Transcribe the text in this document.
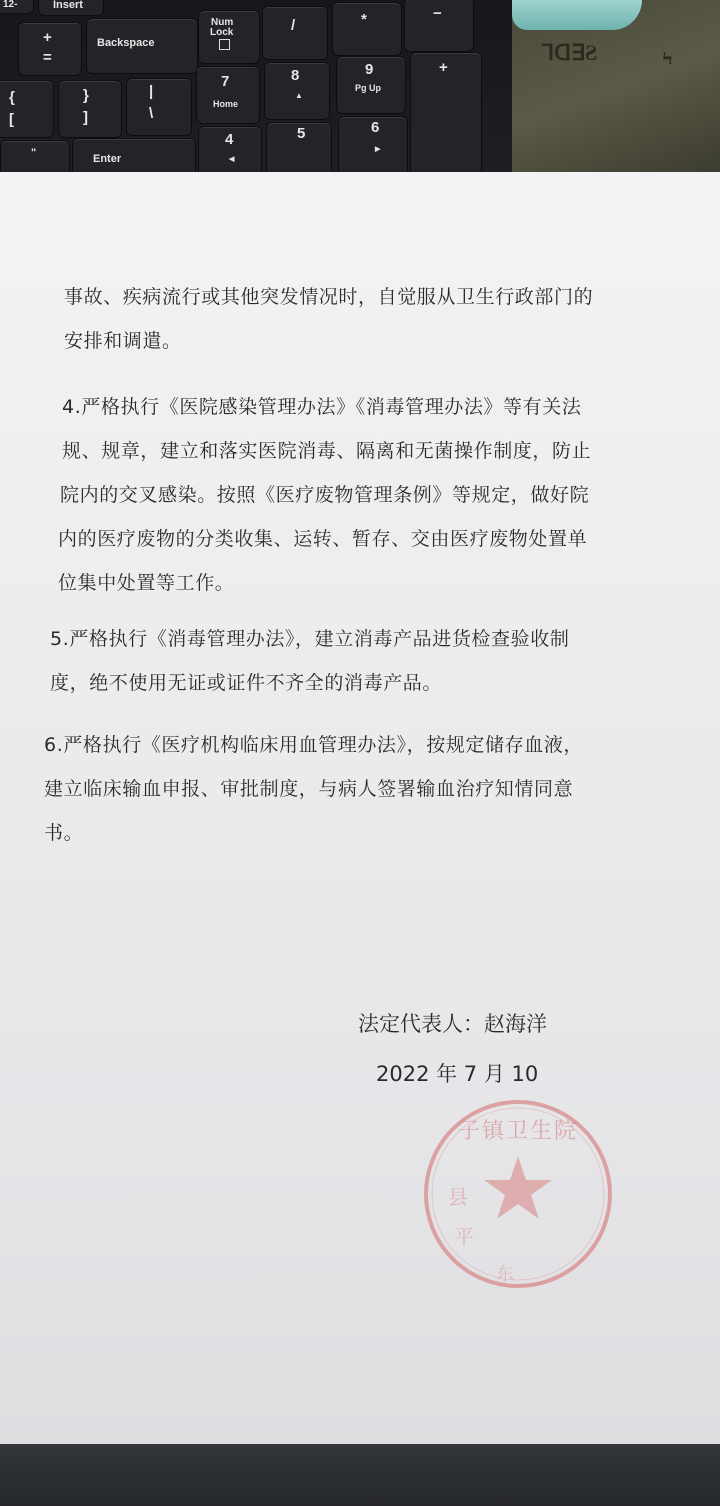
12-	Insert
+
=
Backspace
Num
Lock	/	*	−
{
[
}
]
|
\
7
Home
8
▲
9
Pg Up
+
"	Enter
4
◀
5	6
▶
⅂ᗡ∃Ƨ	Ϟ
事故、疾病流行或其他突发情况时，自觉服从卫生行政部门的
安排和调遣。
4.严格执行《医院感染管理办法》《消毒管理办法》等有关法
规、规章，建立和落实医院消毒、隔离和无菌操作制度，防止
院内的交叉感染。按照《医疗废物管理条例》等规定，做好院
内的医疗废物的分类收集、运转、暂存、交由医疗废物处置单
位集中处置等工作。
5.严格执行《消毒管理办法》，建立消毒产品进货检查验收制
度，绝不使用无证或证件不齐全的消毒产品。
6.严格执行《医疗机构临床用血管理办法》，按规定储存血液，
建立临床输血申报、审批制度，与病人签署输血治疗知情同意
书。
子镇卫生院
县
平
东
法定代表人：赵海洋
2022 年 7 月 10
